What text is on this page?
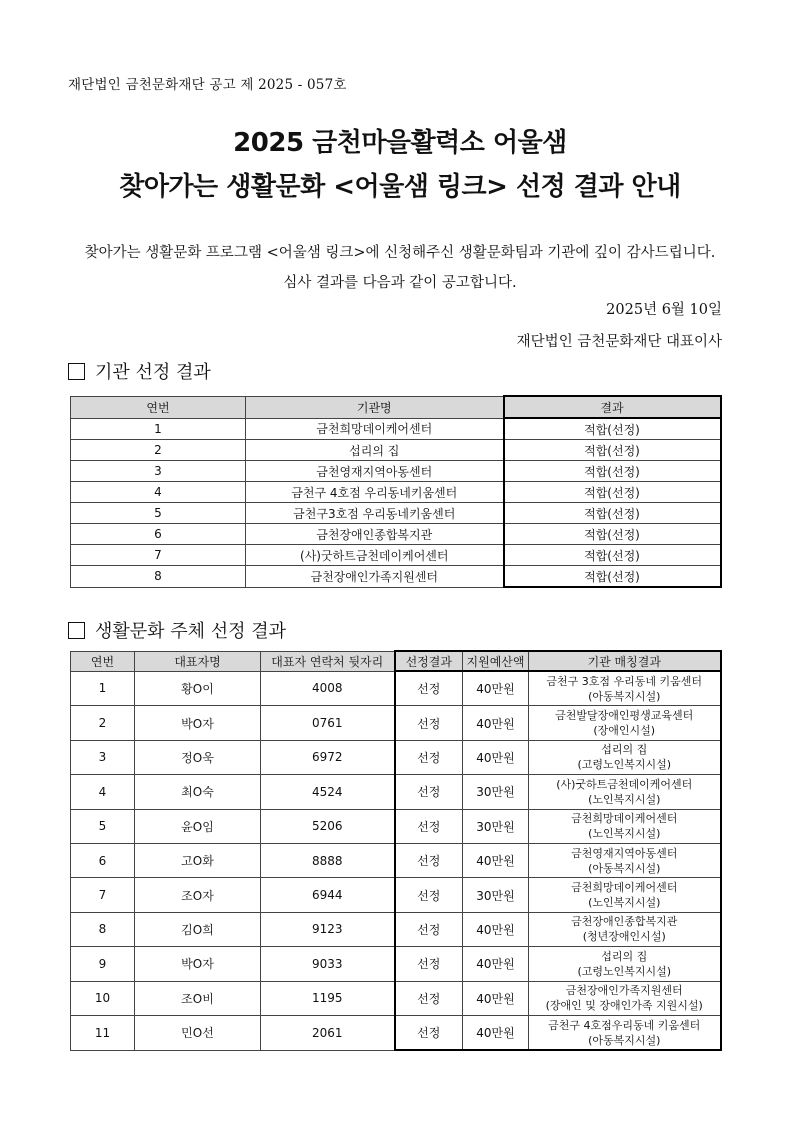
재단법인 금천문화재단 공고 제 2025 - 057호
2025 금천마을활력소 어울샘
찾아가는 생활문화 <어울샘 링크> 선정 결과 안내
찾아가는 생활문화 프로그램 <어울샘 링크>에 신청해주신 생활문화팀과 기관에 깊이 감사드립니다.
심사 결과를 다음과 같이 공고합니다.
2025년 6월 10일
재단법인 금천문화재단 대표이사
기관 선정 결과
연번	기관명	결과
1	금천희망데이케어센터	적합(선정)
2	섭리의 집	적합(선정)
3	금천영재지역아동센터	적합(선정)
4	금천구 4호점 우리동네키움센터	적합(선정)
5	금천구3호점 우리동네키움센터	적합(선정)
6	금천장애인종합복지관	적합(선정)
7	(사)굿하트금천데이케어센터	적합(선정)
8	금천장애인가족지원센터	적합(선정)
생활문화 주체 선정 결과
연번	대표자명	대표자 연락처 뒷자리	선정결과	지원예산액	기관 매칭결과
1	황O이	4008	선정	40만원	금천구 3호점 우리동네 키움센터
(아동복지시설)

2	박O자	0761	선정	40만원	금천발달장애인평생교육센터
(장애인시설)

3	정O욱	6972	선정	40만원	섭리의 집
(고령노인복지시설)

4	최O숙	4524	선정	30만원	(사)굿하트금천데이케어센터
(노인복지시설)

5	윤O임	5206	선정	30만원	금천희망데이케어센터
(노인복지시설)

6	고O화	8888	선정	40만원	금천영재지역아동센터
(아동복지시설)

7	조O자	6944	선정	30만원	금천희망데이케어센터
(노인복지시설)

8	김O희	9123	선정	40만원	금천장애인종합복지관
(청년장애인시설)

9	박O자	9033	선정	40만원	섭리의 집
(고령노인복지시설)

10	조O비	1195	선정	40만원	금천장애인가족지원센터
(장애인 및 장애인가족 지원시설)

11	민O선	2061	선정	40만원	금천구 4호점우리동네 키움센터
(아동복지시설)
